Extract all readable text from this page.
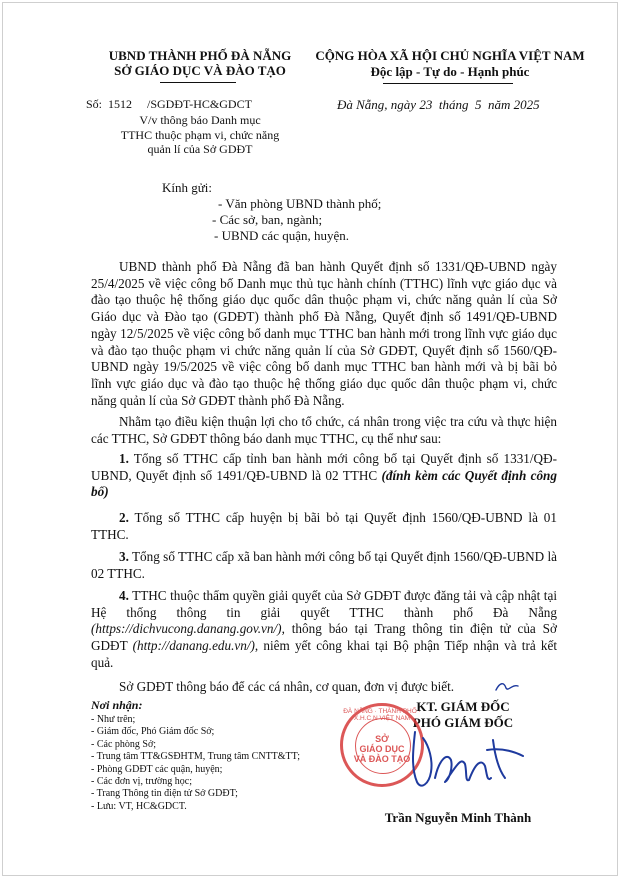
UBND THÀNH PHỐ ĐÀ NẴNG
SỞ GIÁO DỤC VÀ ĐÀO TẠO
Số:  1512     /SGDĐT-HC&GDCT
V/v thông báo Danh mục
TTHC thuộc phạm vi, chức năng
quản lí của Sở GDĐT
CỘNG HÒA XÃ HỘI CHỦ NGHĨA VIỆT NAM
Độc lập - Tự do - Hạnh phúc
Đà Nẵng, ngày 23  tháng  5  năm 2025
Kính gửi:
- Văn phòng UBND thành phố;
- Các sở, ban, ngành;
- UBND các quận, huyện.

UBND thành phố Đà Nẵng đã ban hành Quyết định số 1331/QĐ-UBND ngày 25/4/2025 về việc công bố Danh mục thủ tục hành chính (TTHC) lĩnh vực giáo dục và đào tạo thuộc hệ thống giáo dục quốc dân thuộc phạm vi, chức năng quản lí của Sở Giáo dục và Đào tạo (GDĐT) thành phố Đà Nẵng, Quyết định số 1491/QĐ-UBND ngày 12/5/2025 về việc công bố danh mục TTHC ban hành mới trong lĩnh vực giáo dục và đào tạo thuộc phạm vi chức năng quản lí của Sở GDĐT, Quyết định số 1560/QĐ-UBND ngày 19/5/2025 về việc công bố danh mục TTHC ban hành mới và bị bãi bỏ lĩnh vực giáo dục và đào tạo thuộc hệ thống giáo dục quốc dân thuộc phạm vi, chức năng quản lí của Sở GDĐT thành phố Đà Nẵng.

Nhằm tạo điều kiện thuận lợi cho tổ chức, cá nhân trong việc tra cứu và thực hiện các TTHC, Sở GDĐT thông báo danh mục TTHC, cụ thể như sau:

1. Tổng số TTHC cấp tỉnh ban hành mới công bố tại Quyết định số 1331/QĐ-UBND, Quyết định số 1491/QĐ-UBND là 02 TTHC (đính kèm các Quyết định công bố)

2. Tổng số TTHC cấp huyện bị bãi bỏ tại Quyết định 1560/QĐ-UBND là 01 TTHC.

3. Tổng số TTHC cấp xã ban hành mới công bố tại Quyết định 1560/QĐ-UBND là 02 TTHC.

4. TTHC thuộc thẩm quyền giải quyết của Sở GDĐT được đăng tải và cập nhật tại Hệ thống thông tin giải quyết TTHC thành phố Đà Nẵng (https://dichvucong.danang.gov.vn/), thông báo tại Trang thông tin điện tử của Sở GDĐT (http://danang.edu.vn/), niêm yết công khai tại Bộ phận Tiếp nhận và trả kết quả.

Sở GDĐT thông báo để các cá nhân, cơ quan, đơn vị được biết.

Nơi nhận:
- Như trên;
- Giám đốc, Phó Giám đốc Sở;
- Các phòng Sở;
- Trung tâm TT&GSĐHTM, Trung tâm CNTT&TT;
- Phòng GDĐT các quận, huyện;
- Các đơn vị, trường học;
- Trang Thông tin điện tử Sở GDĐT;
- Lưu: VT, HC&GDCT.
KT. GIÁM ĐỐC
PHÓ GIÁM ĐỐC
ĐÀ NẴNG · THÀNH PHỐ · X.H.C.N VIỆT NAM
SỞ
GIÁO DỤC
VÀ ĐÀO TẠO
Trần Nguyễn Minh Thành
